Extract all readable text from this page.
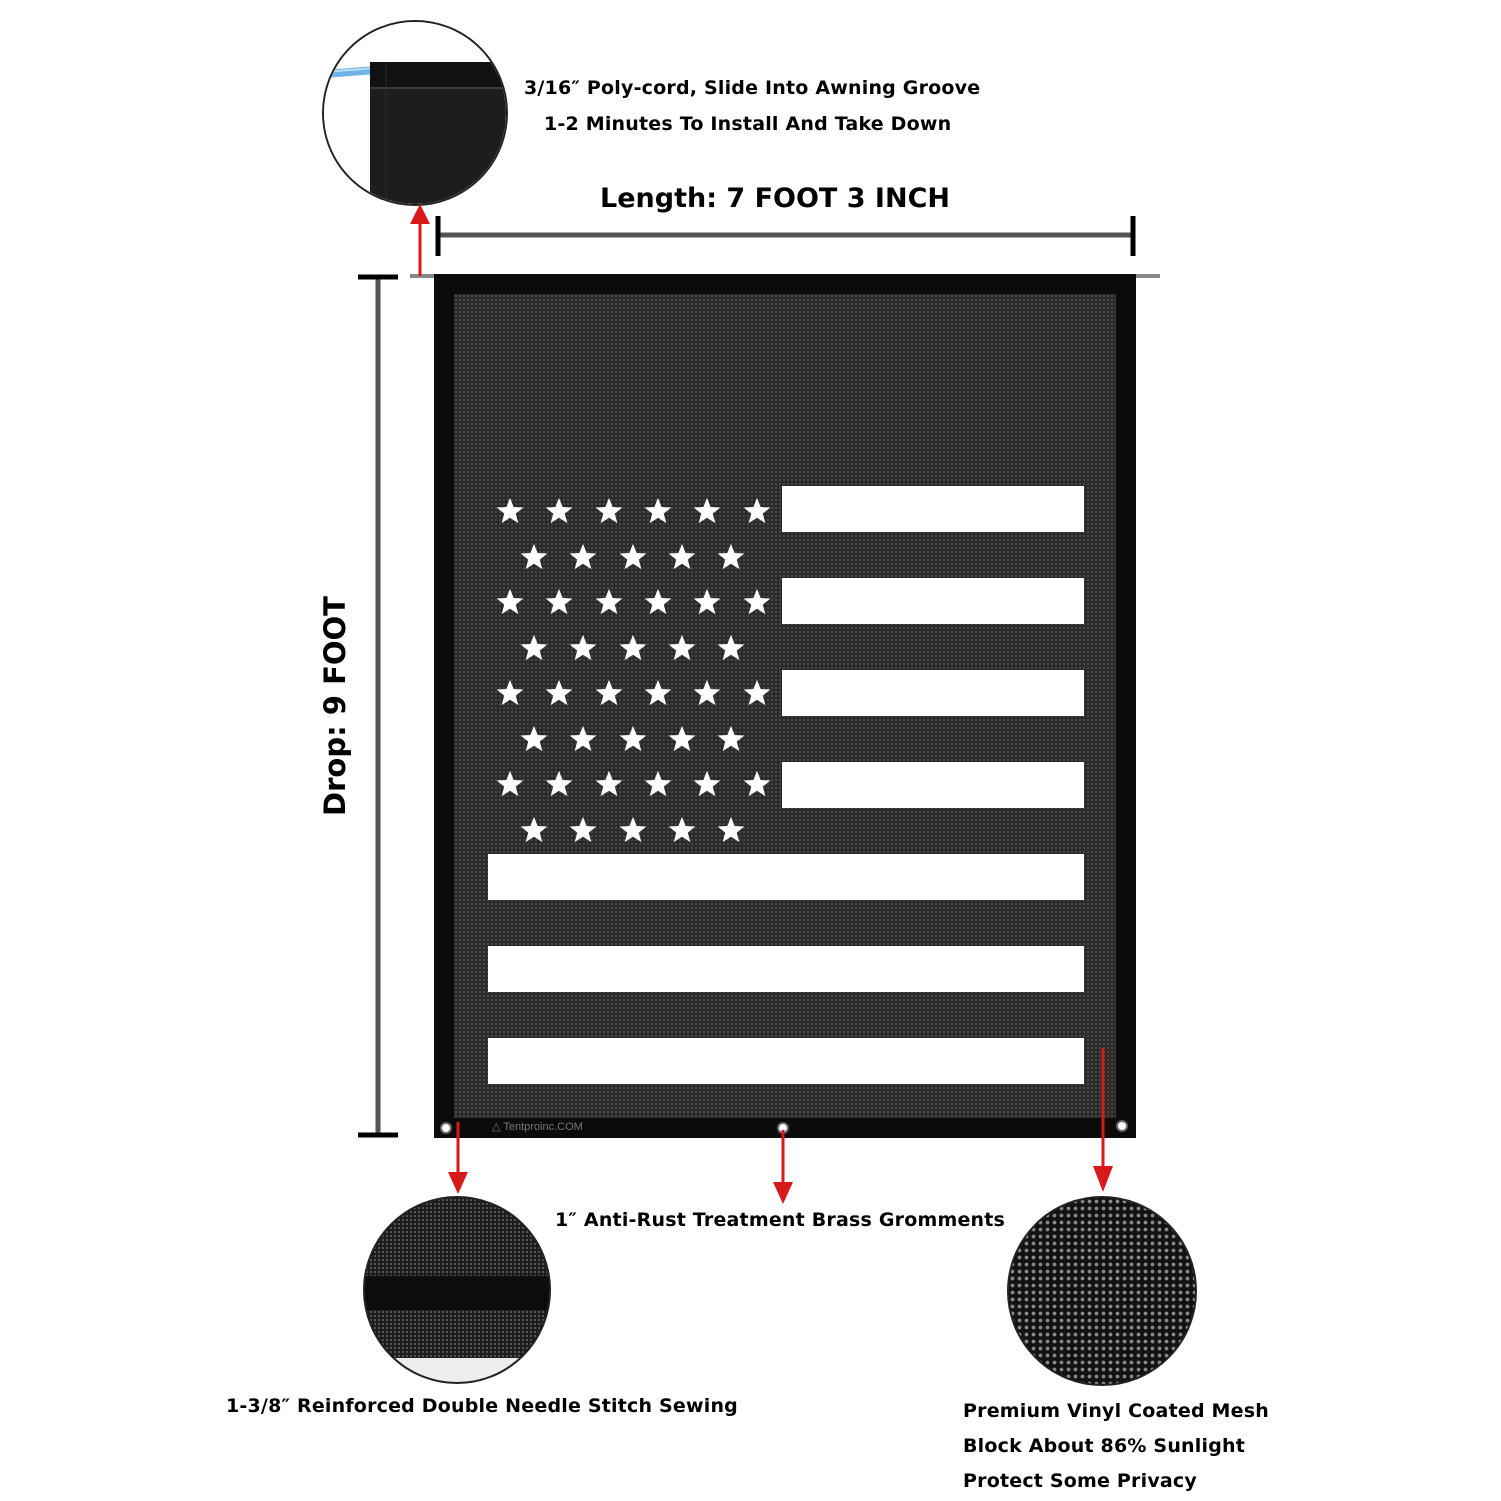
3/16″ Poly-cord, Slide Into Awning Groove
1-2 Minutes To Install And Take Down
Length: 7 FOOT 3 INCH
Drop: 9 FOOT
△ Tentproinc.COM
1″ Anti-Rust Treatment Brass Gromments
1-3/8″ Reinforced Double Needle Stitch Sewing	Premium Vinyl Coated Mesh
Block About 86% Sunlight
Protect Some Privacy
